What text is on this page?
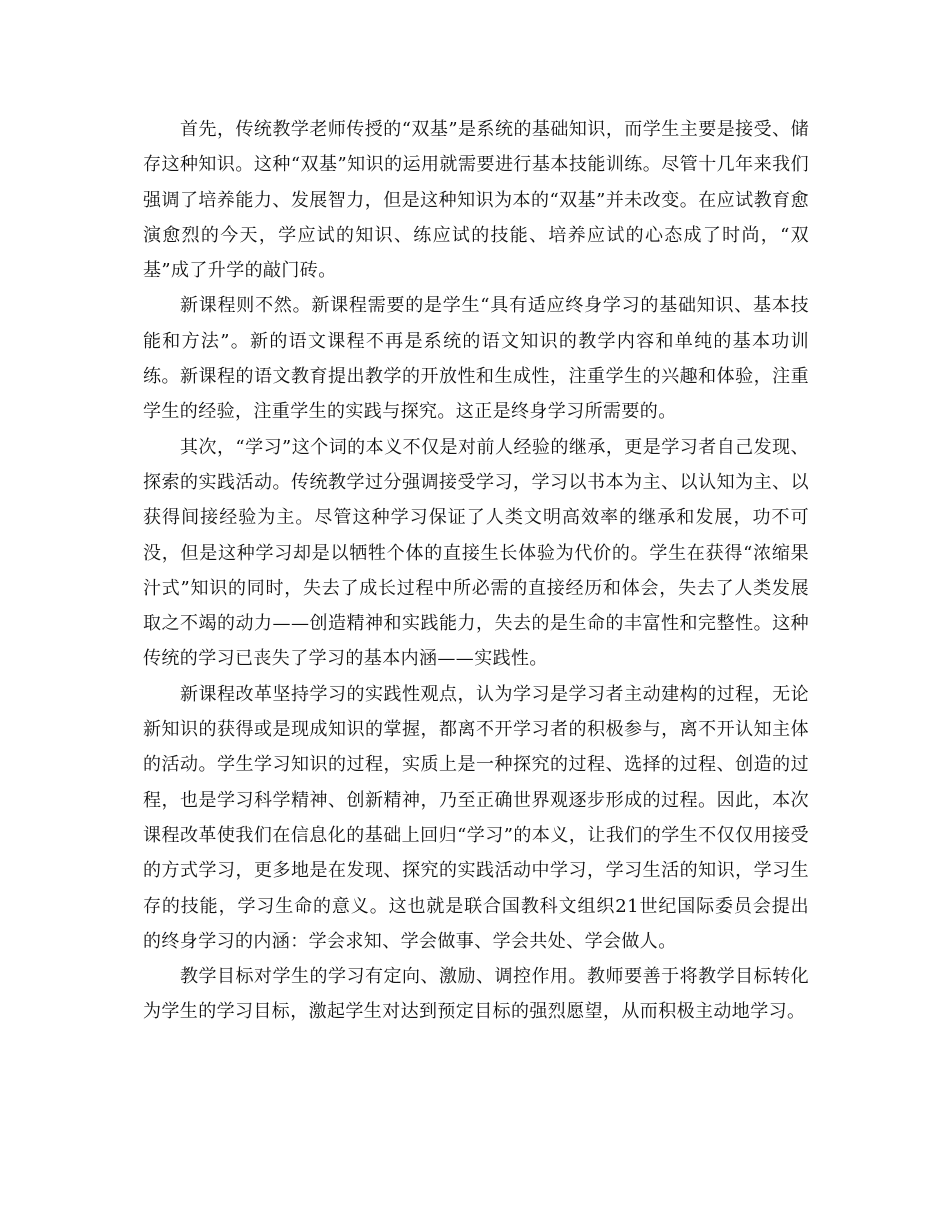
首先，传统教学老师传授的“双基”是系统的基础知识，而学生主要是接受、储存这种知识。这种“双基”知识的运用就需要进行基本技能训练。尽管十几年来我们强调了培养能力、发展智力，但是这种知识为本的“双基”并未改变。在应试教育愈演愈烈的今天，学应试的知识、练应试的技能、培养应试的心态成了时尚，“双基”成了升学的敲门砖。

新课程则不然。新课程需要的是学生“具有适应终身学习的基础知识、基本技能和方法”。新的语文课程不再是系统的语文知识的教学内容和单纯的基本功训练。新课程的语文教育提出教学的开放性和生成性，注重学生的兴趣和体验，注重学生的经验，注重学生的实践与探究。这正是终身学习所需要的。

其次，“学习”这个词的本义不仅是对前人经验的继承，更是学习者自己发现、探索的实践活动。传统教学过分强调接受学习，学习以书本为主、以认知为主、以获得间接经验为主。尽管这种学习保证了人类文明高效率的继承和发展，功不可没，但是这种学习却是以牺牲个体的直接生长体验为代价的。学生在获得“浓缩果汁式”知识的同时，失去了成长过程中所必需的直接经历和体会，失去了人类发展取之不竭的动力——创造精神和实践能力，失去的是生命的丰富性和完整性。这种传统的学习已丧失了学习的基本内涵——实践性。

新课程改革坚持学习的实践性观点，认为学习是学习者主动建构的过程，无论新知识的获得或是现成知识的掌握，都离不开学习者的积极参与，离不开认知主体的活动。学生学习知识的过程，实质上是一种探究的过程、选择的过程、创造的过程，也是学习科学精神、创新精神，乃至正确世界观逐步形成的过程。因此，本次课程改革使我们在信息化的基础上回归“学习”的本义，让我们的学生不仅仅用接受的方式学习，更多地是在发现、探究的实践活动中学习，学习生活的知识，学习生存的技能，学习生命的意义。这也就是联合国教科文组织21世纪国际委员会提出的终身学习的内涵：学会求知、学会做事、学会共处、学会做人。

教学目标对学生的学习有定向、激励、调控作用。教师要善于将教学目标转化为学生的学习目标，激起学生对达到预定目标的强烈愿望，从而积极主动地学习。
